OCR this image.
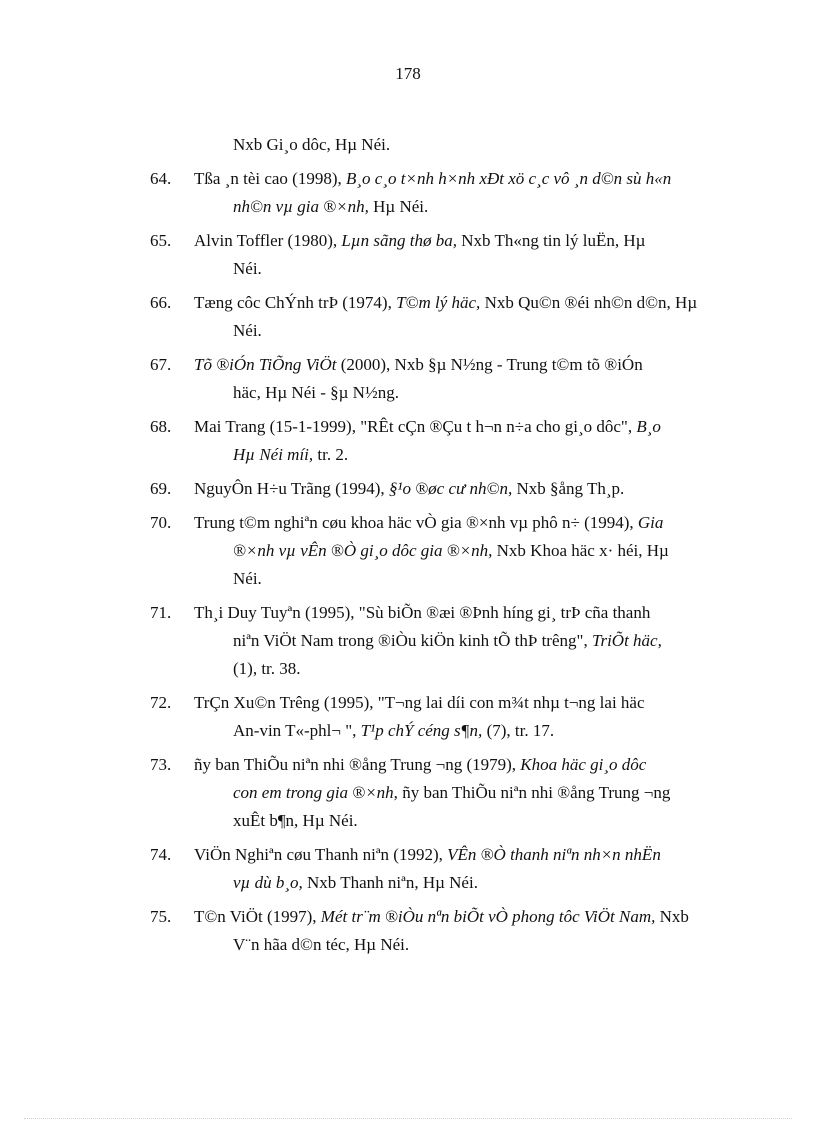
178
Nxb Gi¸o dôc, Hµ Néi.
64.	Tßa ¸n tèi cao (1998), B¸o c¸o t×nh h×nh xÐt xö c¸c vô ¸n d©n sù h«n
nh©n vµ gia ®×nh, Hµ Néi.
65.	Alvin Toffler (1980), Lµn sãng thø ba, Nxb Th«ng tin lý luËn, Hµ
Néi.
66.	Tæng côc ChÝnh trÞ (1974), T©m lý häc, Nxb Qu©n ®éi nh©n d©n, Hµ
Néi.
67.	Tõ ®iÓn TiÕng ViÖt (2000), Nxb §µ N½ng - Trung t©m tõ ®iÓn
häc, Hµ Néi - §µ N½ng.
68.	Mai Trang (15-1-1999), "RÊt cÇn ®Çu t h¬n n÷a cho gi¸o dôc", B¸o
Hµ Néi míi, tr. 2.
69.	NguyÔn H÷u Trãng (1994), §¹o ®øc cư nh©n, Nxb §ång Th¸p.
70.	Trung t©m nghiªn cøu khoa häc vÒ gia ®×nh vµ phô n÷ (1994), Gia
®×nh vµ vÊn ®Ò gi¸o dôc gia ®×nh, Nxb Khoa häc x· héi, Hµ
Néi.
71.	Th¸i Duy Tuyªn (1995), "Sù biÕn ®æi ®Þnh híng gi¸ trÞ cña thanh
niªn ViÖt Nam trong ®iÒu kiÖn kinh tÕ thÞ trêng", TriÕt häc,
(1), tr. 38.
72.	TrÇn Xu©n Trêng (1995), "T¬ng lai díi con m¾t nhµ t¬ng lai häc
An-vin T«-phl¬ ", T¹p chÝ céng s¶n, (7), tr. 17.
73.	ñy ban ThiÕu niªn nhi ®ång Trung ¬ng (1979), Khoa häc gi¸o dôc
con em trong gia ®×nh, ñy ban ThiÕu niªn nhi ®ång Trung ¬ng
xuÊt b¶n, Hµ Néi.
74.	ViÖn Nghiªn cøu Thanh niªn (1992), VÊn ®Ò thanh niªn nh×n nhËn
vµ dù b¸o, Nxb Thanh niªn, Hµ Néi.
75.	T©n ViÖt (1997), Mét tr¨m ®iÒu nªn biÕt vÒ phong tôc ViÖt Nam, Nxb
V¨n hãa d©n téc, Hµ Néi.
